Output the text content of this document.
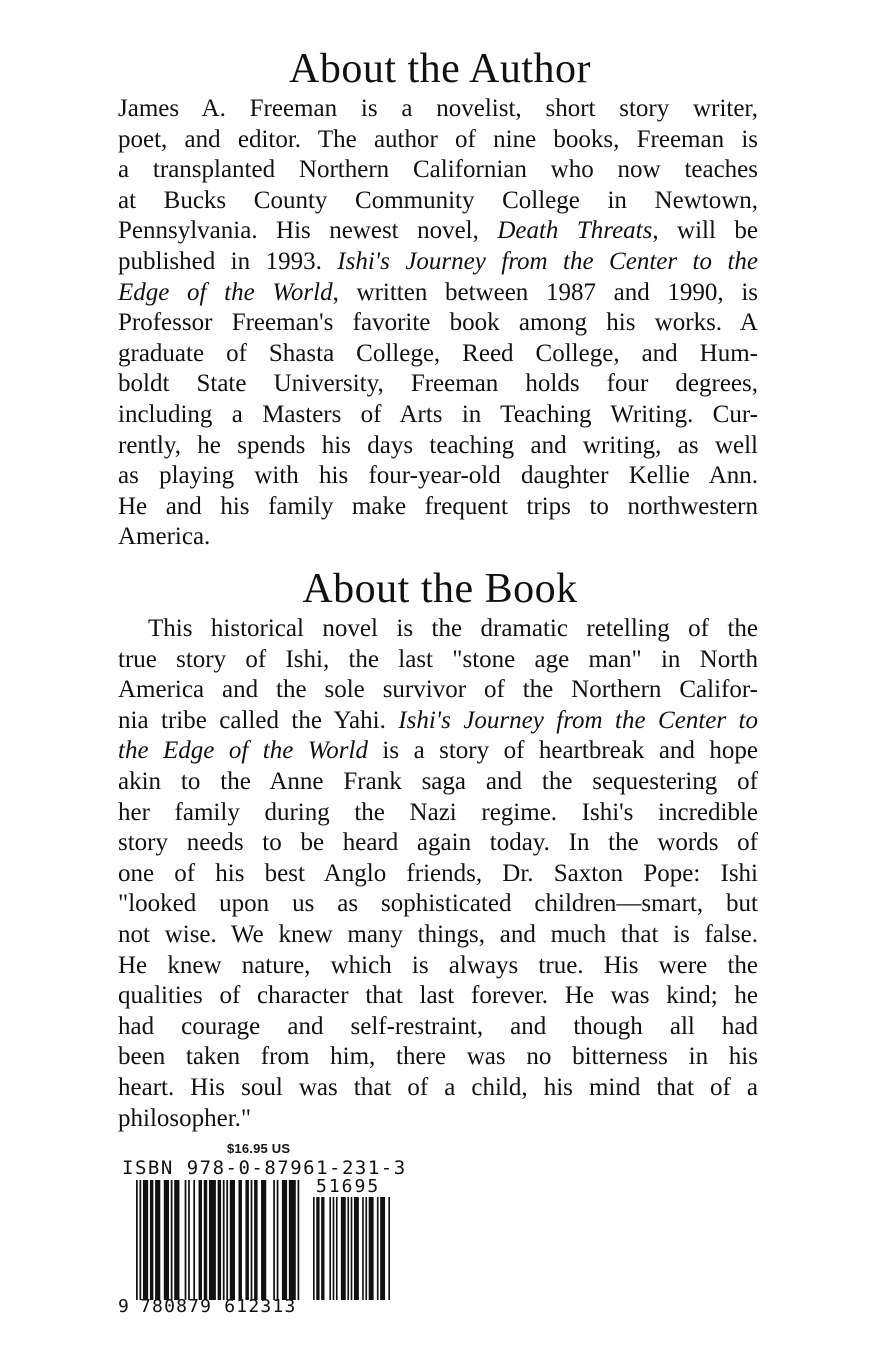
About the Author

James A. Freeman is a novelist, short story writer,
poet, and editor. The author of nine books, Freeman is
a transplanted Northern Californian who now teaches
at Bucks County Community College in Newtown,
Pennsylvania. His newest novel, Death Threats, will be
published in 1993. Ishi's Journey from the Center to the
Edge of the World, written between 1987 and 1990, is
Professor Freeman's favorite book among his works. A
graduate of Shasta College, Reed College, and Hum-
boldt State University, Freeman holds four degrees,
including a Masters of Arts in Teaching Writing. Cur-
rently, he spends his days teaching and writing, as well
as playing with his four-year-old daughter Kellie Ann.
He and his family make frequent trips to northwestern
America.

About the Book

This historical novel is the dramatic retelling of the
true story of Ishi, the last "stone age man" in North
America and the sole survivor of the Northern Califor-
nia tribe called the Yahi. Ishi's Journey from the Center to
the Edge of the World is a story of heartbreak and hope
akin to the Anne Frank saga and the sequestering of
her family during the Nazi regime. Ishi's incredible
story needs to be heard again today. In the words of
one of his best Anglo friends, Dr. Saxton Pope: Ishi
"looked upon us as sophisticated children—smart, but
not wise. We knew many things, and much that is false.
He knew nature, which is always true. His were the
qualities of character that last forever. He was kind; he
had courage and self-restraint, and though all had
been taken from him, there was no bitterness in his
heart. His soul was that of a child, his mind that of a
philosopher."

$16.95 US
ISBN 978-0-87961-231-3
51695
9 780879 612313
